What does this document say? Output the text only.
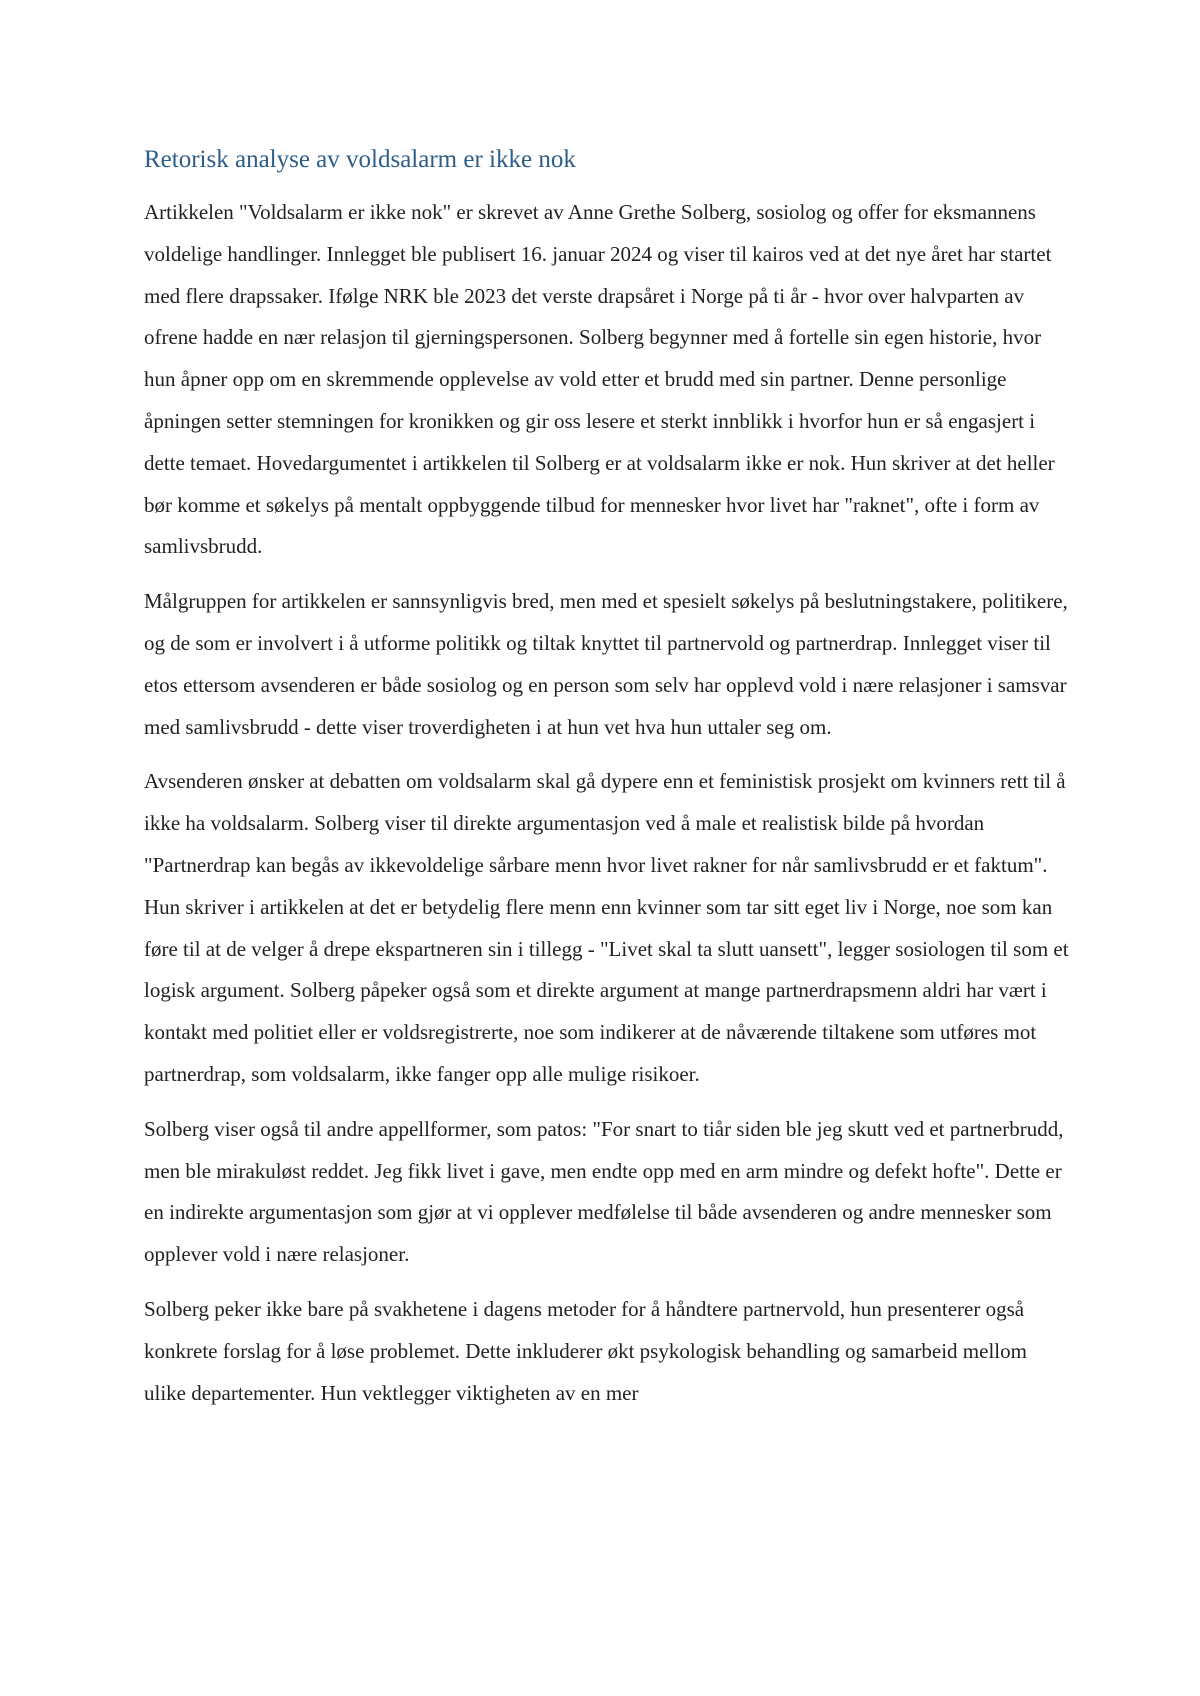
Retorisk analyse av voldsalarm er ikke nok

Artikkelen "Voldsalarm er ikke nok" er skrevet av Anne Grethe Solberg, sosiolog og offer for eksmannens voldelige handlinger. Innlegget ble publisert 16. januar 2024 og viser til kairos ved at det nye året har startet med flere drapssaker. Ifølge NRK ble 2023 det verste drapsåret i Norge på ti år - hvor over halvparten av ofrene hadde en nær relasjon til gjerningspersonen. Solberg begynner med å fortelle sin egen historie, hvor hun åpner opp om en skremmende opplevelse av vold etter et brudd med sin partner. Denne personlige åpningen setter stemningen for kronikken og gir oss lesere et sterkt innblikk i hvorfor hun er så engasjert i dette temaet. Hovedargumentet i artikkelen til Solberg er at voldsalarm ikke er nok. Hun skriver at det heller bør komme et søkelys på mentalt oppbyggende tilbud for mennesker hvor livet har "raknet", ofte i form av samlivsbrudd.

Målgruppen for artikkelen er sannsynligvis bred, men med et spesielt søkelys på beslutningstakere, politikere, og de som er involvert i å utforme politikk og tiltak knyttet til partnervold og partnerdrap. Innlegget viser til etos ettersom avsenderen er både sosiolog og en person som selv har opplevd vold i nære relasjoner i samsvar med samlivsbrudd - dette viser troverdigheten i at hun vet hva hun uttaler seg om.

Avsenderen ønsker at debatten om voldsalarm skal gå dypere enn et feministisk prosjekt om kvinners rett til å ikke ha voldsalarm. Solberg viser til direkte argumentasjon ved å male et realistisk bilde på hvordan "Partnerdrap kan begås av ikkevoldelige sårbare menn hvor livet rakner for når samlivsbrudd er et faktum". Hun skriver i artikkelen at det er betydelig flere menn enn kvinner som tar sitt eget liv i Norge, noe som kan føre til at de velger å drepe ekspartneren sin i tillegg - "Livet skal ta slutt uansett", legger sosiologen til som et logisk argument. Solberg påpeker også som et direkte argument at mange partnerdrapsmenn aldri har vært i kontakt med politiet eller er voldsregistrerte, noe som indikerer at de nåværende tiltakene som utføres mot partnerdrap, som voldsalarm, ikke fanger opp alle mulige risikoer.

Solberg viser også til andre appellformer, som patos: "For snart to tiår siden ble jeg skutt ved et partnerbrudd, men ble mirakuløst reddet. Jeg fikk livet i gave, men endte opp med en arm mindre og defekt hofte". Dette er en indirekte argumentasjon som gjør at vi opplever medfølelse til både avsenderen og andre mennesker som opplever vold i nære relasjoner.

Solberg peker ikke bare på svakhetene i dagens metoder for å håndtere partnervold, hun presenterer også konkrete forslag for å løse problemet. Dette inkluderer økt psykologisk behandling og samarbeid mellom ulike departementer. Hun vektlegger viktigheten av en mer
